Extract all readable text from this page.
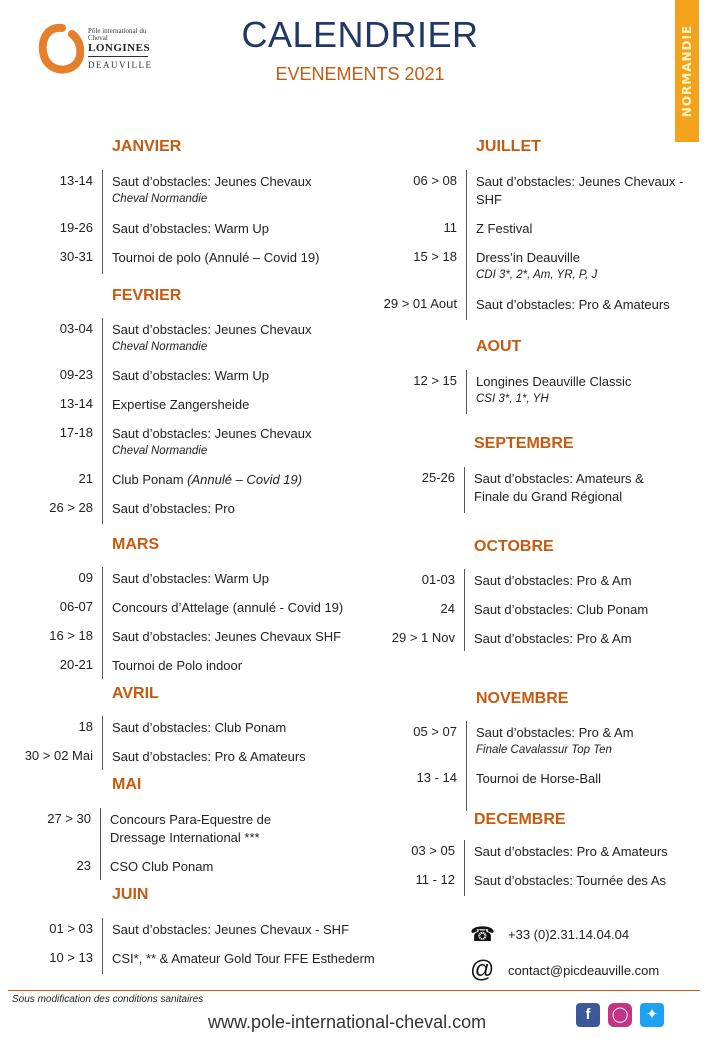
Pôle international du Cheval
LONGINES
DEAUVILLE
CALENDRIER
EVENEMENTS 2021	NORMANDIE
JANVIER
13-14 Saut d’obstacles: Jeunes Chevaux
Cheval Normandie
19-26 Saut d’obstacles: Warm Up
30-31 Tournoi de polo (Annulé – Covid 19)
FEVRIER
03-04 Saut d’obstacles: Jeunes Chevaux
Cheval Normandie
09-23 Saut d’obstacles: Warm Up
13-14 Expertise Zangersheide
17-18 Saut d’obstacles: Jeunes Chevaux
Cheval Normandie
21 Club Ponam (Annulé – Covid 19)
26 > 28 Saut d’obstacles: Pro
MARS
09 Saut d’obstacles: Warm Up
06-07 Concours d’Attelage (annulé - Covid 19)
16 > 18 Saut d’obstacles: Jeunes Chevaux SHF
20-21 Tournoi de Polo indoor
AVRIL
18 Saut d’obstacles: Club Ponam
30 > 02 Mai Saut d’obstacles: Pro & Amateurs
MAI
27 > 30 Concours Para-Equestre de
Dressage International ***
23 CSO Club Ponam
JUIN
01 > 03 Saut d’obstacles: Jeunes Chevaux - SHF
10 > 13 CSI*, ** & Amateur Gold Tour FFE Esthederm
JUILLET
06 > 08 Saut d’obstacles: Jeunes Chevaux -
SHF
11 Z Festival
15 > 18 Dress’in Deauville
CDI 3*, 2*, Am, YR, P, J
29 > 01 Aout Saut d’obstacles: Pro & Amateurs
AOUT
12 > 15 Longines Deauville Classic
CSI 3*, 1*, YH
SEPTEMBRE
25-26 Saut d’obstacles: Amateurs &
Finale du Grand Régional
OCTOBRE
01-03 Saut d’obstacles: Pro & Am
24 Saut d’obstacles: Club Ponam
29 > 1 Nov Saut d’obstacles: Pro & Am
NOVEMBRE
05 > 07 Saut d’obstacles: Pro & Am
Finale Cavalassur Top Ten
13 - 14 Tournoi de Horse-Ball
DECEMBRE
03 > 05 Saut d’obstacles: Pro & Amateurs
11 - 12 Saut d’obstacles: Tournée des As
☎ +33 (0)2.31.14.04.04
@ contact@picdeauville.com
Sous modification des conditions sanitaires
www.pole-international-cheval.com	f	◯	✦
